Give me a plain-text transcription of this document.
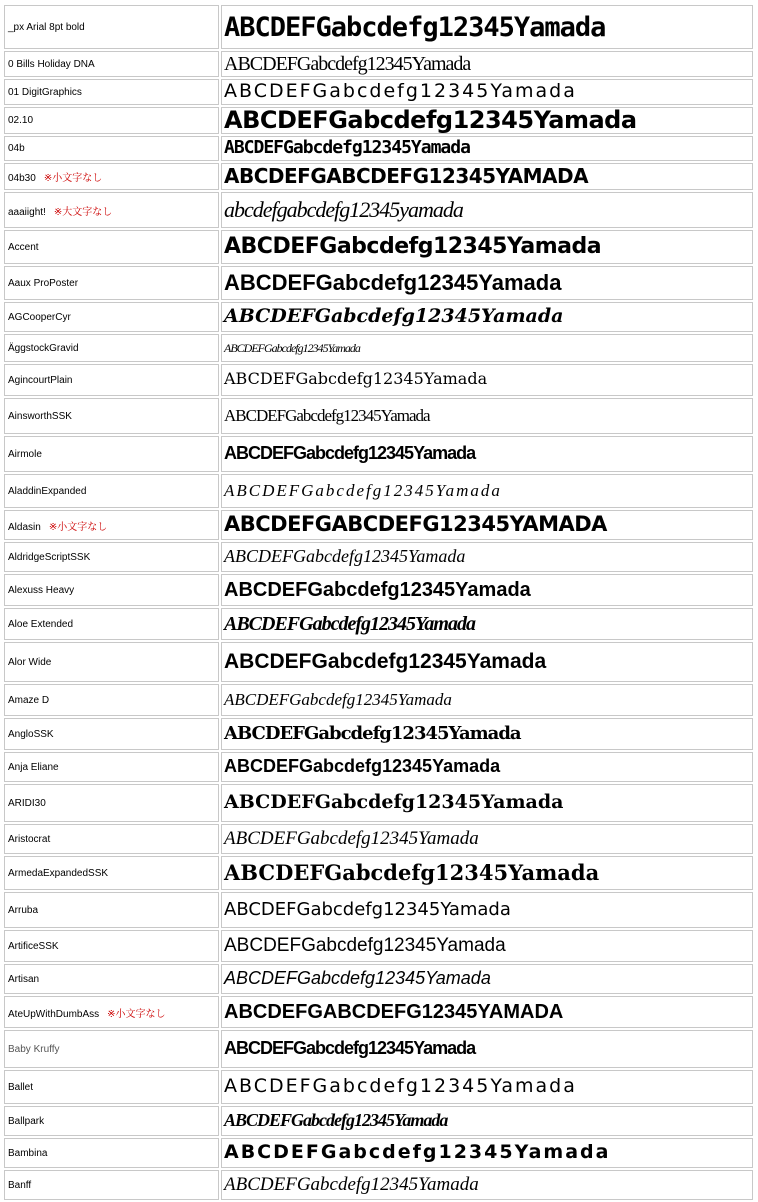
_px Arial 8pt bold	ABCDEFGabcdefg12345Yamada
0 Bills Holiday DNA	ABCDEFGabcdefg12345Yamada
01 DigitGraphics	ABCDEFGabcdefg12345Yamada
02.10	ABCDEFGabcdefg12345Yamada
04b	ABCDEFGabcdefg12345Yamada
04b30 ※小文字なし	ABCDEFGABCDEFG12345YAMADA
aaaiight! ※大文字なし	abcdefgabcdefg12345yamada
Accent	ABCDEFGabcdefg12345Yamada
Aaux ProPoster	ABCDEFGabcdefg12345Yamada
AGCooperCyr	ABCDEFGabcdefg12345Yamada
ÄggstockGravid	ABCDEFGabcdefg12345Yamada
AgincourtPlain	ABCDEFGabcdefg12345Yamada
AinsworthSSK	ABCDEFGabcdefg12345Yamada
Airmole	ABCDEFGabcdefg12345Yamada
AladdinExpanded	ABCDEFGabcdefg12345Yamada
Aldasin ※小文字なし	ABCDEFGABCDEFG12345YAMADA
AldridgeScriptSSK	ABCDEFGabcdefg12345Yamada
Alexuss Heavy	ABCDEFGabcdefg12345Yamada
Aloe Extended	ABCDEFGabcdefg12345Yamada
Alor Wide	ABCDEFGabcdefg12345Yamada
Amaze D	ABCDEFGabcdefg12345Yamada
AngloSSK	ABCDEFGabcdefg12345Yamada
Anja Eliane	ABCDEFGabcdefg12345Yamada
ARIDI30	ABCDEFGabcdefg12345Yamada
Aristocrat	ABCDEFGabcdefg12345Yamada
ArmedaExpandedSSK	ABCDEFGabcdefg12345Yamada
Arruba	ABCDEFGabcdefg12345Yamada
ArtificeSSK	ABCDEFGabcdefg12345Yamada
Artisan	ABCDEFGabcdefg12345Yamada
AteUpWithDumbAss ※小文字なし	ABCDEFGABCDEFG12345YAMADA
Baby Kruffy	ABCDEFGabcdefg12345Yamada
Ballet	ABCDEFGabcdefg12345Yamada
Ballpark	ABCDEFGabcdefg12345Yamada
Bambina	ABCDEFGabcdefg12345Yamada
Banff	ABCDEFGabcdefg12345Yamada
